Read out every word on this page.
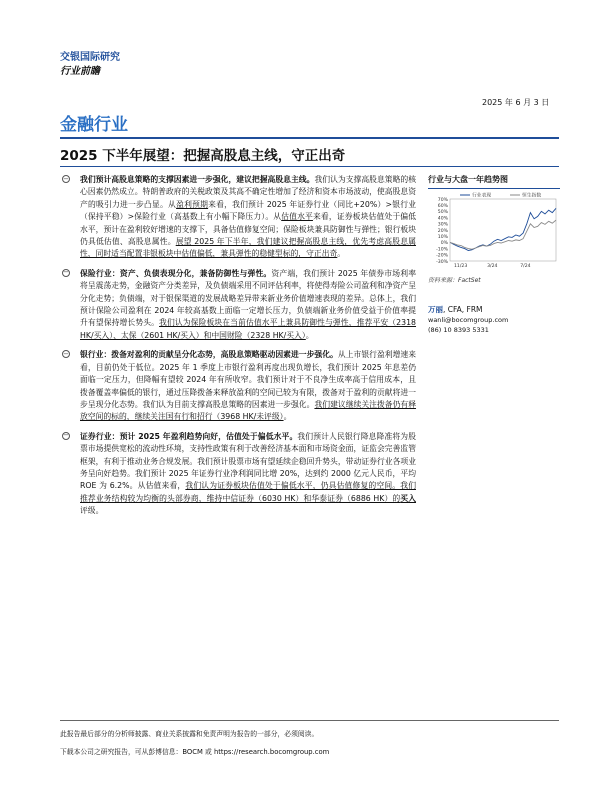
交银国际研究
行业前瞻
2025 年 6 月 3 日
金融行业
2025 下半年展望：把握高股息主线，守正出奇
− 我们预计高股息策略的支撑因素进一步强化，建议把握高股息主线。我们认为支撑高股息策略的核心因素仍然成立。特朗普政府的关税政策及其高不确定性增加了经济和资本市场波动，使高股息资产的吸引力进一步凸显。从盈利预期来看，我们预计 2025 年证券行业（同比+20%）>银行业（保持平稳）>保险行业（高基数上有小幅下降压力）。从估值水平来看，证券板块估值处于偏低水平，预计在盈利较好增速的支撑下，具备估值修复空间；保险板块兼具防御性与弹性；银行板块仍具低估值、高股息属性。展望 2025 年下半年，我们建议把握高股息主线，优先考虑高股息属性，同时适当配置非银板块中估值偏低，兼具弹性的稳健型标的，守正出奇。
− 保险行业：资产、负债表现分化，兼备防御性与弹性。资产端，我们预计 2025 年债券市场利率将呈震荡走势，金融资产分类差异，及负债端采用不同评估利率，将使得寿险公司盈利和净资产呈分化走势；负债端，对于银保渠道的发展战略差异带来新业务价值增速表现的差异。总体上，我们预计保险公司盈利在 2024 年较高基数上面临一定增长压力，负债端新业务价值受益于价值率提升有望保持增长势头。我们认为保险板块在当前估值水平上兼具防御性与弹性，推荐平安（2318 HK/买入）、太保（2601 HK/买入）和中国财险（2328 HK/买入）。
− 银行业：拨备对盈利的贡献呈分化态势，高股息策略驱动因素进一步强化。从上市银行盈利增速来看，目前仍处于低位。2025 年 1 季度上市银行盈利再度出现负增长，我们预计 2025 年息差仍面临一定压力，但降幅有望较 2024 年有所收窄。我们预计对于不良净生成率高于信用成本，且拨备覆盖率偏低的银行，通过压降拨备来释放盈利的空间已较为有限，拨备对于盈利的贡献将进一步呈现分化态势。我们认为目前支撑高股息策略的因素进一步强化。我们建议继续关注拨备仍有释放空间的标的，继续关注国有行和招行（3968 HK/未评级）。
− 证券行业：预计 2025 年盈利趋势向好，估值处于偏低水平。我们预计人民银行降息降准将为股票市场提供宽松的流动性环境，支持性政策有利于改善经济基本面和市场资金面，证监会完善监管框架，有利于推动业务合规发展。我们预计股票市场有望延续企稳回升势头，带动证券行业各项业务呈向好趋势。我们预计 2025 年证券行业净利润同比增 20%，达到约 2000 亿元人民币，平均 ROE 为 6.2%。从估值来看，我们认为证券板块估值处于偏低水平，仍具估值修复的空间。我们推荐业务结构较为均衡的头部券商，维持中信证券（6030 HK）和华泰证券（6886 HK）的买入评级。
行业与大盘一年趋势图
70%
60%
50%
40%
30%
20%
10%
0%
-10%
-20%
-30%
11/23	3/24	7/24
行业表现	恒生指数
资料来源：FactSet
万丽, CFA, FRM
wanli@bocomgroup.com
(86) 10 8393 5331
此报告最后部分的分析师披露、商业关系披露和免责声明为报告的一部分，必须阅读。
下载本公司之研究报告，可从彭博信息：BOCM 或 https://research.bocomgroup.com
